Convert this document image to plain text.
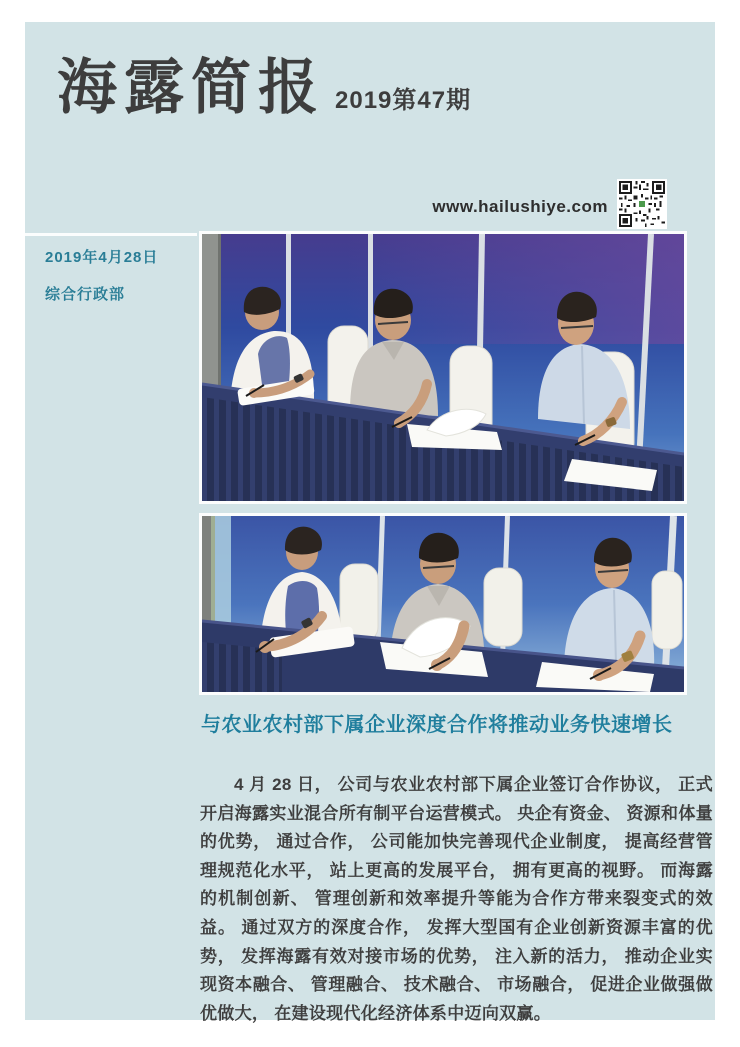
海露简报 2019第47期
www.hailushiye.com
2019年4月28日
综合行政部
与农业农村部下属企业深度合作将推动业务快速增长

4 月 28 日， 公司与农业农村部下属企业签订合作协议， 正式开启海露实业混合所有制平台运营模式。 央企有资金、 资源和体量的优势， 通过合作， 公司能加快完善现代企业制度， 提高经营管理规范化水平， 站上更高的发展平台， 拥有更高的视野。 而海露的机制创新、 管理创新和效率提升等能为合作方带来裂变式的效益。 通过双方的深度合作， 发挥大型国有企业创新资源丰富的优势， 发挥海露有效对接市场的优势， 注入新的活力， 推动企业实现资本融合、 管理融合、 技术融合、 市场融合， 促进企业做强做优做大， 在建设现代化经济体系中迈向双赢。
